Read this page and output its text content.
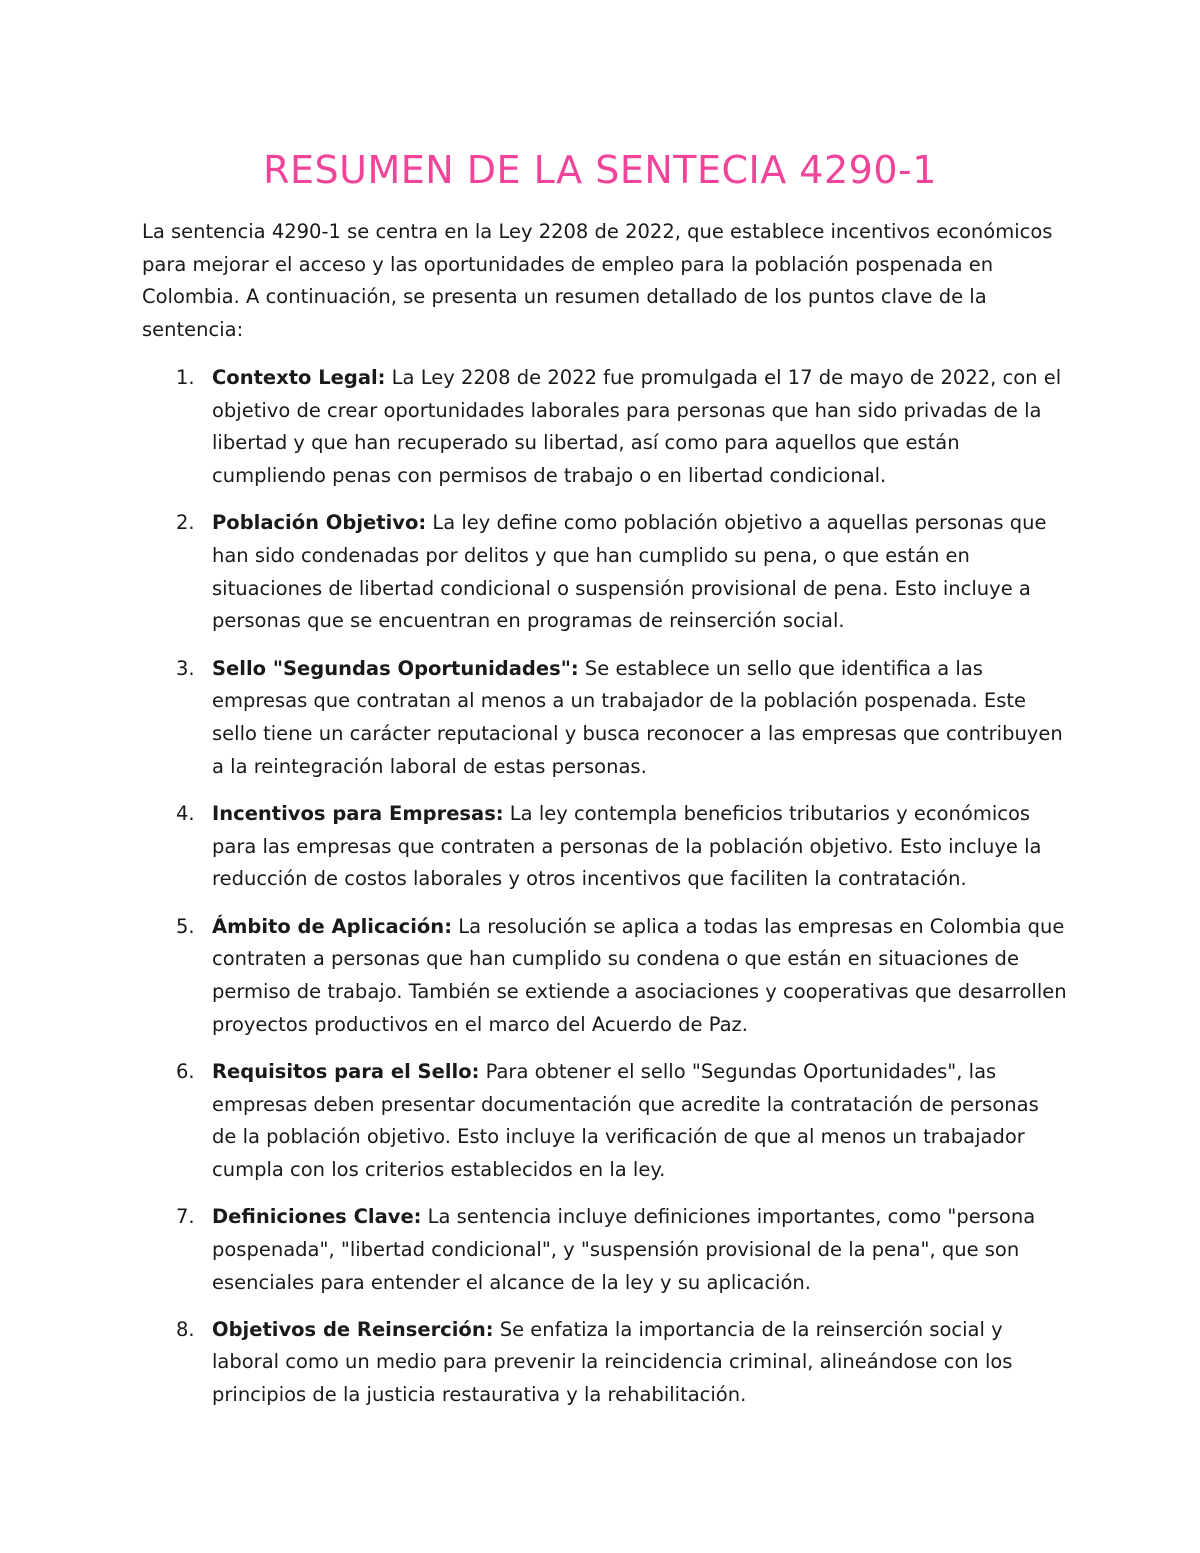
RESUMEN DE LA SENTECIA 4290-1

La sentencia 4290-1 se centra en la Ley 2208 de 2022, que establece incentivos económicos para mejorar el acceso y las oportunidades de empleo para la población pospenada en Colombia. A continuación, se presenta un resumen detallado de los puntos clave de la sentencia:

1. Contexto Legal: La Ley 2208 de 2022 fue promulgada el 17 de mayo de 2022, con el objetivo de crear oportunidades laborales para personas que han sido privadas de la libertad y que han recuperado su libertad, así como para aquellos que están cumpliendo penas con permisos de trabajo o en libertad condicional.
2. Población Objetivo: La ley define como población objetivo a aquellas personas que han sido condenadas por delitos y que han cumplido su pena, o que están en situaciones de libertad condicional o suspensión provisional de pena. Esto incluye a personas que se encuentran en programas de reinserción social.
3. Sello "Segundas Oportunidades": Se establece un sello que identifica a las empresas que contratan al menos a un trabajador de la población pospenada. Este sello tiene un carácter reputacional y busca reconocer a las empresas que contribuyen a la reintegración laboral de estas personas.
4. Incentivos para Empresas: La ley contempla beneficios tributarios y económicos para las empresas que contraten a personas de la población objetivo. Esto incluye la reducción de costos laborales y otros incentivos que faciliten la contratación.
5. Ámbito de Aplicación: La resolución se aplica a todas las empresas en Colombia que contraten a personas que han cumplido su condena o que están en situaciones de permiso de trabajo. También se extiende a asociaciones y cooperativas que desarrollen proyectos productivos en el marco del Acuerdo de Paz.
6. Requisitos para el Sello: Para obtener el sello "Segundas Oportunidades", las empresas deben presentar documentación que acredite la contratación de personas de la población objetivo. Esto incluye la verificación de que al menos un trabajador cumpla con los criterios establecidos en la ley.
7. Definiciones Clave: La sentencia incluye definiciones importantes, como "persona pospenada", "libertad condicional", y "suspensión provisional de la pena", que son esenciales para entender el alcance de la ley y su aplicación.
8. Objetivos de Reinserción: Se enfatiza la importancia de la reinserción social y laboral como un medio para prevenir la reincidencia criminal, alineándose con los principios de la justicia restaurativa y la rehabilitación.
